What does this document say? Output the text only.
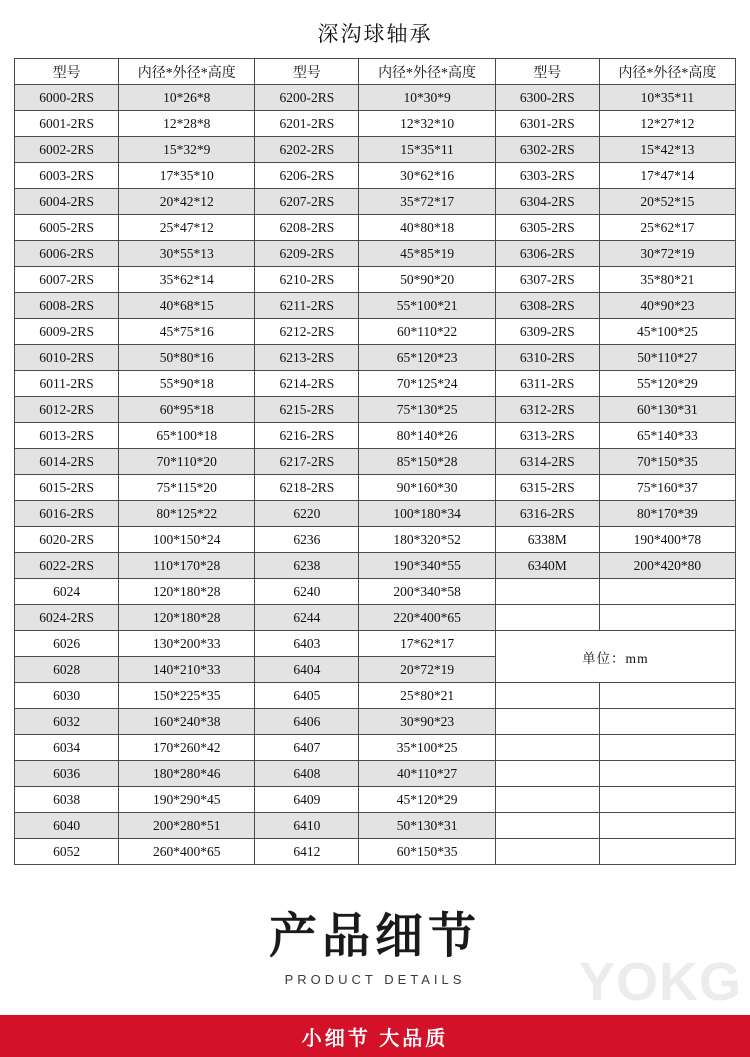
深沟球轴承
型号	内径*外径*高度	型号	内径*外径*高度	型号	内径*外径*高度
6000-2RS	10*26*8	6200-2RS	10*30*9	6300-2RS	10*35*11
6001-2RS	12*28*8	6201-2RS	12*32*10	6301-2RS	12*27*12
6002-2RS	15*32*9	6202-2RS	15*35*11	6302-2RS	15*42*13
6003-2RS	17*35*10	6206-2RS	30*62*16	6303-2RS	17*47*14
6004-2RS	20*42*12	6207-2RS	35*72*17	6304-2RS	20*52*15
6005-2RS	25*47*12	6208-2RS	40*80*18	6305-2RS	25*62*17
6006-2RS	30*55*13	6209-2RS	45*85*19	6306-2RS	30*72*19
6007-2RS	35*62*14	6210-2RS	50*90*20	6307-2RS	35*80*21
6008-2RS	40*68*15	6211-2RS	55*100*21	6308-2RS	40*90*23
6009-2RS	45*75*16	6212-2RS	60*110*22	6309-2RS	45*100*25
6010-2RS	50*80*16	6213-2RS	65*120*23	6310-2RS	50*110*27
6011-2RS	55*90*18	6214-2RS	70*125*24	6311-2RS	55*120*29
6012-2RS	60*95*18	6215-2RS	75*130*25	6312-2RS	60*130*31
6013-2RS	65*100*18	6216-2RS	80*140*26	6313-2RS	65*140*33
6014-2RS	70*110*20	6217-2RS	85*150*28	6314-2RS	70*150*35
6015-2RS	75*115*20	6218-2RS	90*160*30	6315-2RS	75*160*37
6016-2RS	80*125*22	6220	100*180*34	6316-2RS	80*170*39
6020-2RS	100*150*24	6236	180*320*52	6338M	190*400*78
6022-2RS	110*170*28	6238	190*340*55	6340M	200*420*80
6024	120*180*28	6240	200*340*58		
6024-2RS	120*180*28	6244	220*400*65		
6026	130*200*33	6403	17*62*17	单位：mm	
6028	140*210*33	6404	20*72*19		
6030	150*225*35	6405	25*80*21		
6032	160*240*38	6406	30*90*23		
6034	170*260*42	6407	35*100*25		
6036	180*280*46	6408	40*110*27		
6038	190*290*45	6409	45*120*29		
6040	200*280*51	6410	50*130*31		
6052	260*400*65	6412	60*150*35		
产品细节
PRODUCT DETAILS	YOKG
小细节 大品质
